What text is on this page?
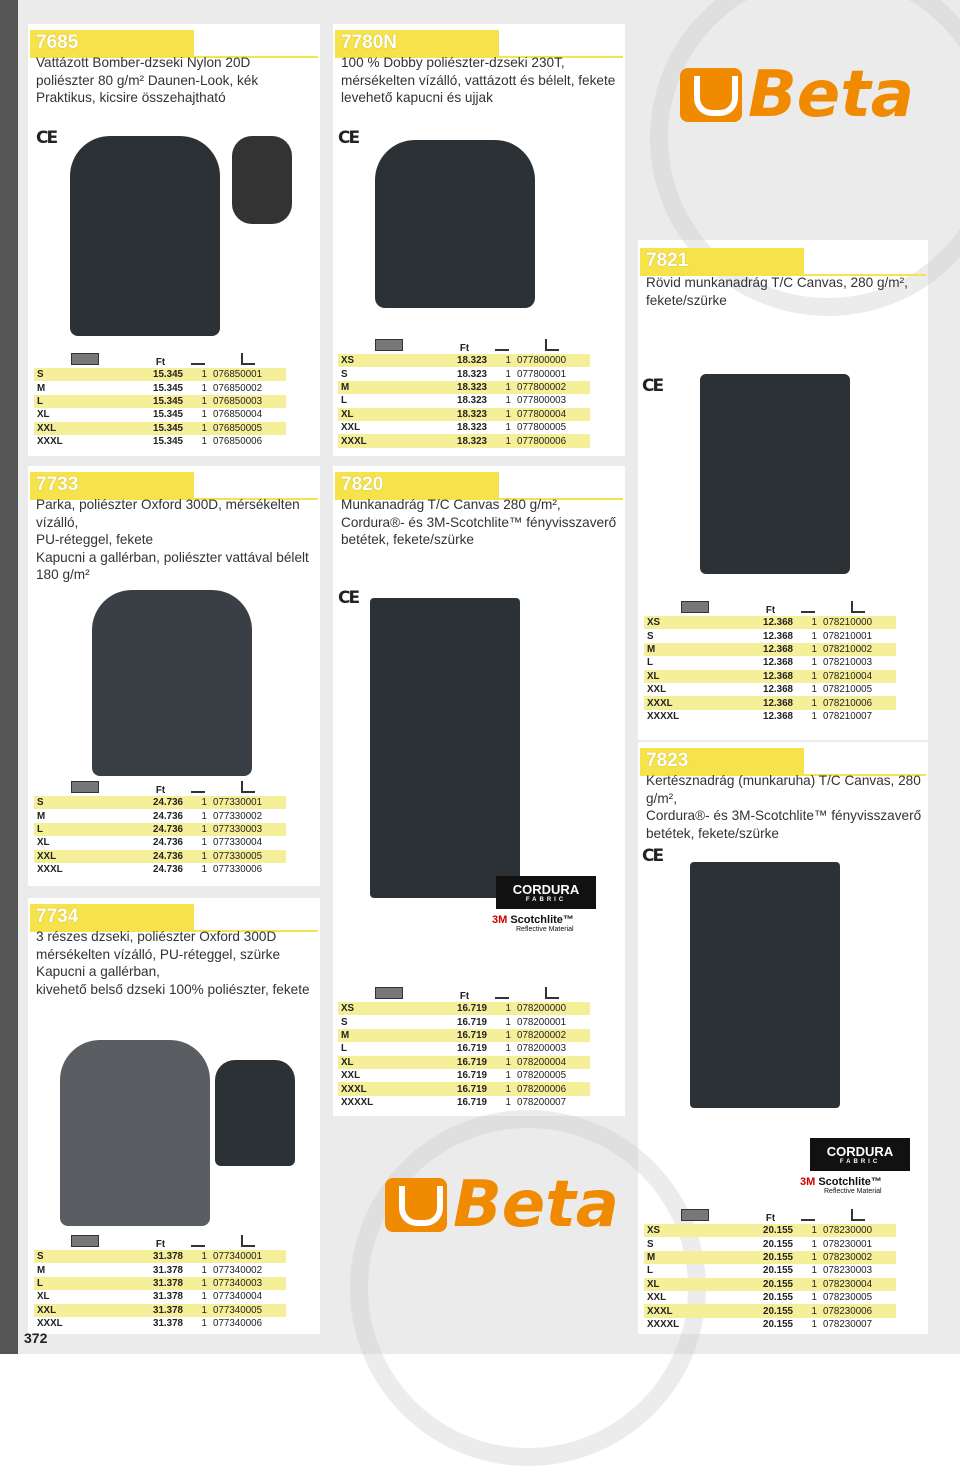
Beta
Beta
7685
Vattázott Bomber-dzseki Nylon 20D
poliészter 80 g/m² Daunen-Look, kék
Praktikus, kicsire összehajtható
CE
	Ft		
S	15.345	1	076850001
M	15.345	1	076850002
L	15.345	1	076850003
XL	15.345	1	076850004
XXL	15.345	1	076850005
XXXL	15.345	1	076850006
7780N
100 % Dobby poliészter-dzseki 230T,
mérsékelten vízálló, vattázott és bélelt, fekete
levehető kapucni és ujjak
CE
	Ft		
XS	18.323	1	077800000
S	18.323	1	077800001
M	18.323	1	077800002
L	18.323	1	077800003
XL	18.323	1	077800004
XXL	18.323	1	077800005
XXXL	18.323	1	077800006
7821
Rövid munkanadrág T/C Canvas, 280 g/m²,
fekete/szürke
CE
	Ft		
XS	12.368	1	078210000
S	12.368	1	078210001
M	12.368	1	078210002
L	12.368	1	078210003
XL	12.368	1	078210004
XXL	12.368	1	078210005
XXXL	12.368	1	078210006
XXXXL	12.368	1	078210007
7733
Parka, poliészter Oxford 300D, mérsékelten
vízálló,
PU-réteggel, fekete
Kapucni a gallérban, poliészter vattával bélelt
180 g/m²
	Ft		
S	24.736	1	077330001
M	24.736	1	077330002
L	24.736	1	077330003
XL	24.736	1	077330004
XXL	24.736	1	077330005
XXXL	24.736	1	077330006
7820
Munkanadrág T/C Canvas 280 g/m²,
Cordura®- és 3M-Scotchlite™ fényvisszaverő
betétek, fekete/szürke
CE
CORDURA
FABRIC
3M Scotchlite™
Reflective Material
	Ft		
XS	16.719	1	078200000
S	16.719	1	078200001
M	16.719	1	078200002
L	16.719	1	078200003
XL	16.719	1	078200004
XXL	16.719	1	078200005
XXXL	16.719	1	078200006
XXXXL	16.719	1	078200007
7823
Kertésznadrág (munkaruha) T/C Canvas, 280
g/m²,
Cordura®- és 3M-Scotchlite™ fényvisszaverő
betétek, fekete/szürke
CE
CORDURA
FABRIC
3M Scotchlite™
Reflective Material
	Ft		
XS	20.155	1	078230000
S	20.155	1	078230001
M	20.155	1	078230002
L	20.155	1	078230003
XL	20.155	1	078230004
XXL	20.155	1	078230005
XXXL	20.155	1	078230006
XXXXL	20.155	1	078230007
7734
3 részes dzseki, poliészter Oxford 300D
mérsékelten vízálló, PU-réteggel, szürke
Kapucni a gallérban,
kivehető belső dzseki 100% poliészter, fekete
	Ft		
S	31.378	1	077340001
M	31.378	1	077340002
L	31.378	1	077340003
XL	31.378	1	077340004
XXL	31.378	1	077340005
XXXL	31.378	1	077340006
372
